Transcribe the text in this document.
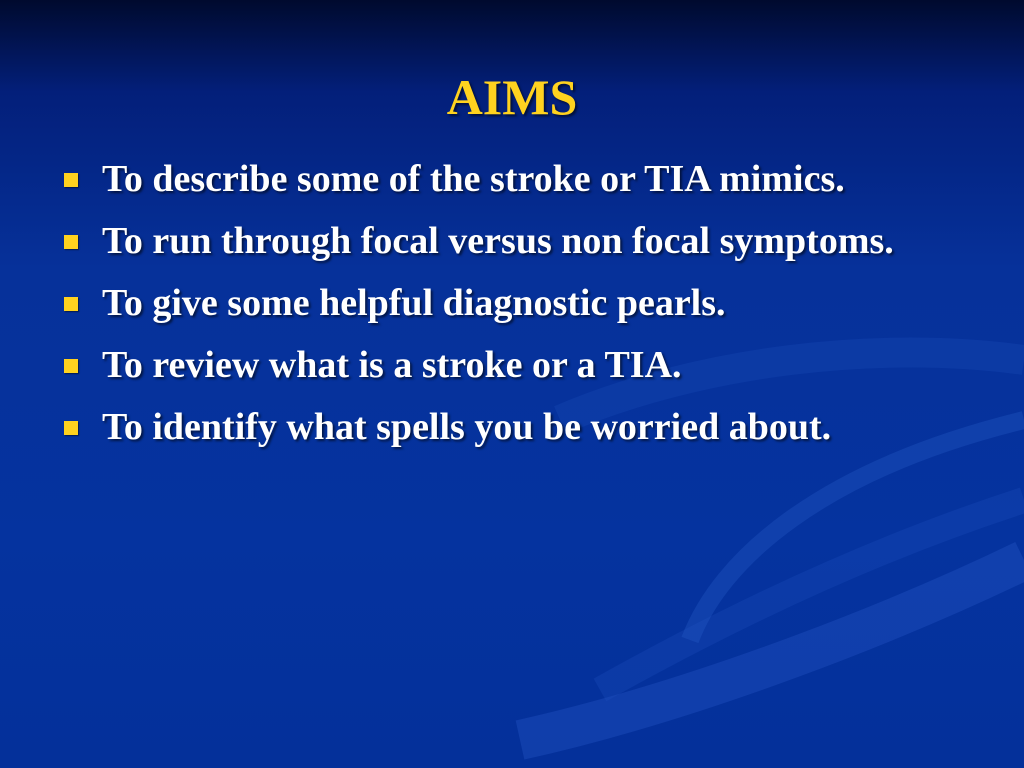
AIMS
To describe some of the stroke or TIA mimics.
To run through focal versus non focal symptoms.
To give some helpful diagnostic pearls.
To review what is a stroke or a TIA.
To identify what spells you be worried about.
